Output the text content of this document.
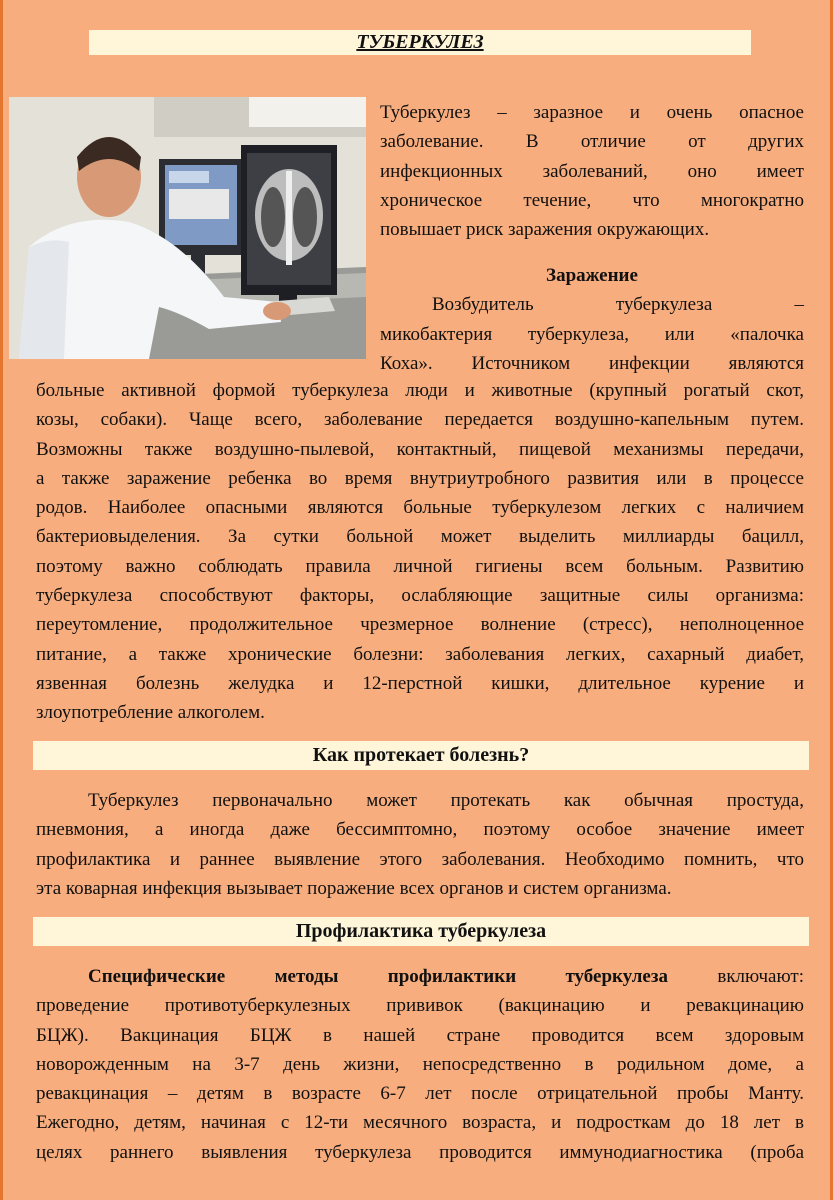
ТУБЕРКУЛЕЗ
Туберкулез – заразное и очень опасное
заболевание. В отличие от других
инфекционных заболеваний, оно имеет
хроническое течение, что многократно
повышает риск заражения окружающих.
Заражение
Возбудитель туберкулеза –
микобактерия туберкулеза, или «палочка
Коха». Источником инфекции являются
больные активной формой туберкулеза люди и животные (крупный рогатый скот,
козы, собаки). Чаще всего, заболевание передается воздушно-капельным путем.
Возможны также воздушно-пылевой, контактный, пищевой механизмы передачи,
а также заражение ребенка во время внутриутробного развития или в процессе
родов. Наиболее опасными являются больные туберкулезом легких с наличием
бактериовыделения. За сутки больной может выделить миллиарды бацилл,
поэтому важно соблюдать правила личной гигиены всем больным. Развитию
туберкулеза способствуют факторы, ослабляющие защитные силы организма:
переутомление, продолжительное чрезмерное волнение (стресс), неполноценное
питание, а также хронические болезни: заболевания легких, сахарный диабет,
язвенная болезнь желудка и 12-перстной кишки, длительное курение и
злоупотребление алкоголем.
Как протекает болезнь?
Туберкулез первоначально может протекать как обычная простуда,
пневмония, а иногда даже бессимптомно, поэтому особое значение имеет
профилактика и раннее выявление этого заболевания. Необходимо помнить, что
эта коварная инфекция вызывает поражение всех органов и систем организма.
Профилактика туберкулеза
Специфические методы профилактики туберкулеза	включают:
проведение противотуберкулезных прививок (вакцинацию и ревакцинацию
БЦЖ). Вакцинация БЦЖ в нашей стране проводится всем здоровым
новорожденным на 3-7 день жизни, непосредственно в родильном доме, а
ревакцинация – детям в возрасте 6-7 лет после отрицательной пробы Манту.
Ежегодно, детям, начиная с 12-ти месячного возраста, и подросткам до 18 лет в
целях раннего выявления туберкулеза проводится иммунодиагностика (проба
